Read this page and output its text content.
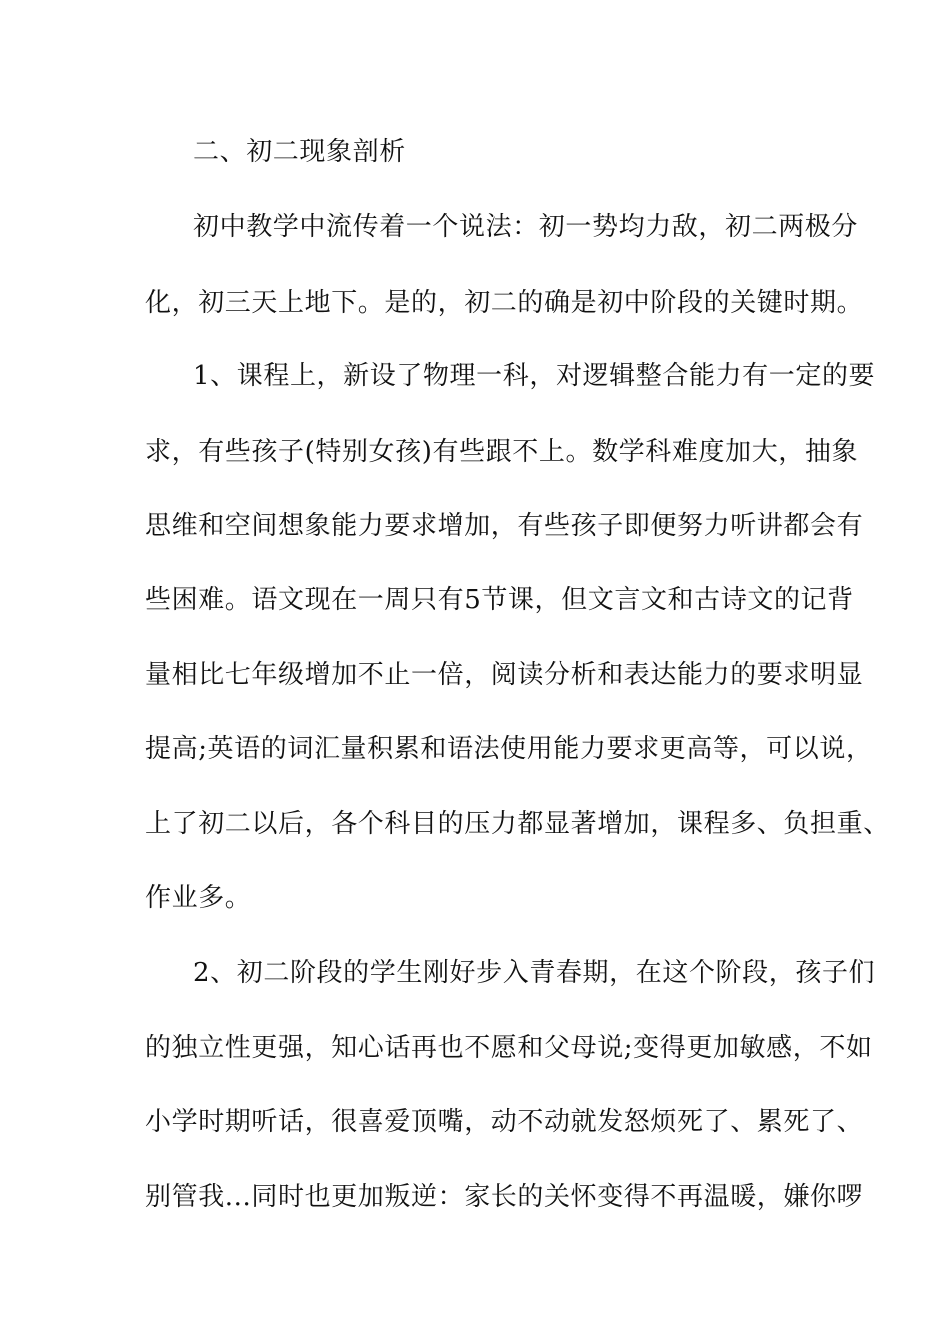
二、初二现象剖析
初中教学中流传着一个说法：初一势均力敌，初二两极分
化，初三天上地下。是的，初二的确是初中阶段的关键时期。
1、课程上，新设了物理一科，对逻辑整合能力有一定的要
求，有些孩子(特别女孩)有些跟不上。数学科难度加大，抽象
思维和空间想象能力要求增加，有些孩子即便努力听讲都会有
些困难。语文现在一周只有5节课，但文言文和古诗文的记背
量相比七年级增加不止一倍，阅读分析和表达能力的要求明显
提高;英语的词汇量积累和语法使用能力要求更高等，可以说，
上了初二以后，各个科目的压力都显著增加，课程多、负担重、
作业多。
2、初二阶段的学生刚好步入青春期，在这个阶段，孩子们
的独立性更强，知心话再也不愿和父母说;变得更加敏感，不如
小学时期听话，很喜爱顶嘴，动不动就发怒烦死了、累死了、
别管我...同时也更加叛逆：家长的关怀变得不再温暖，嫌你啰
